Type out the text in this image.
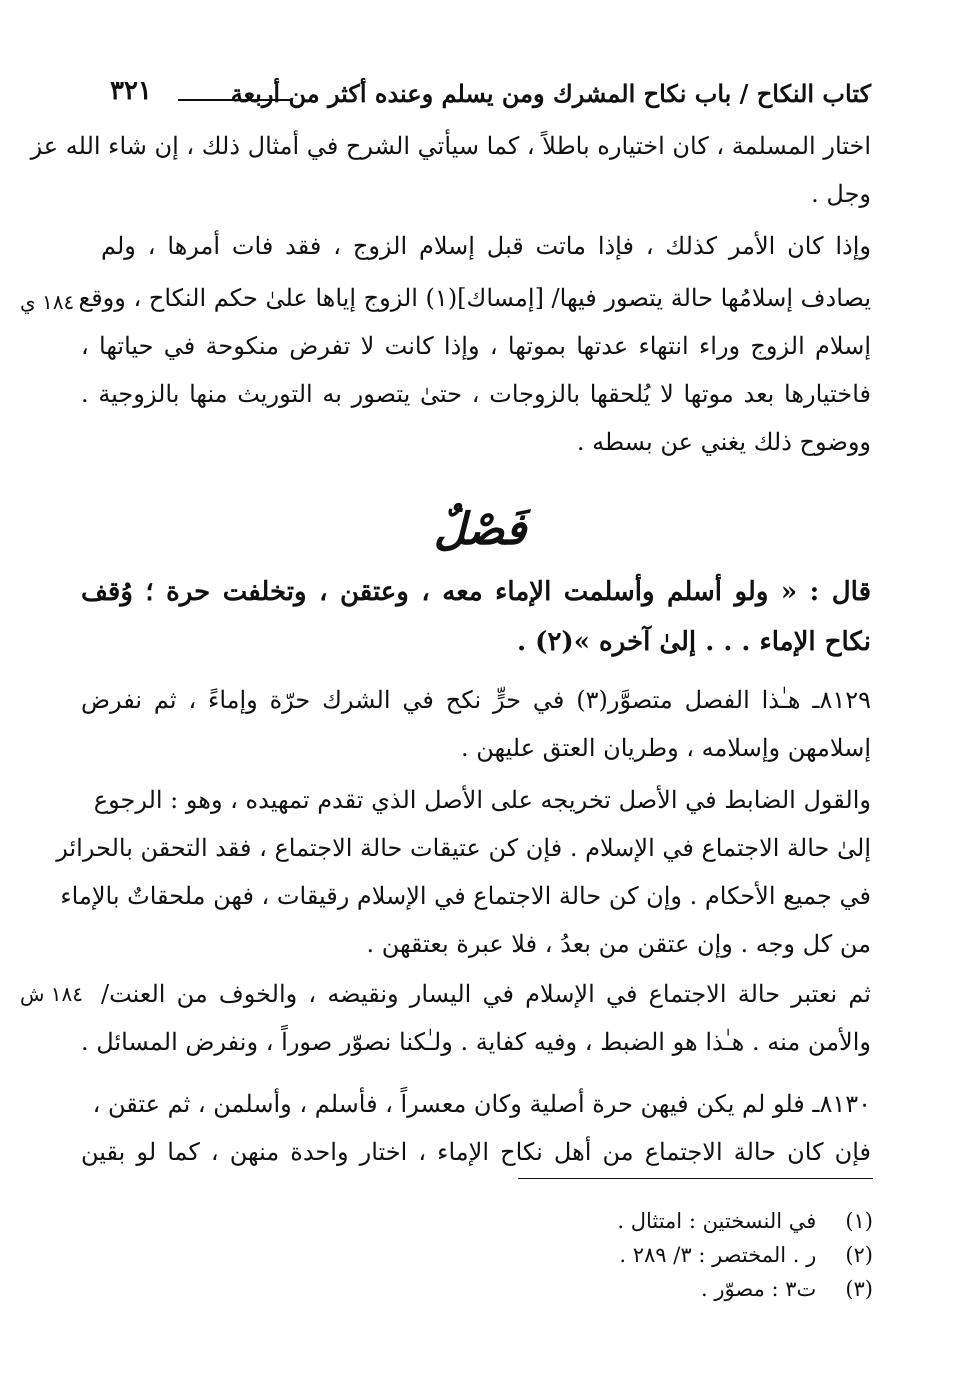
كتاب النكاح / باب نكاح المشرك ومن يسلم وعنده أكثر من أربعة
٣٢١
اختار المسلمة ، كان اختياره باطلاً ، كما سيأتي الشرح في أمثال ذلك ، إن شاء الله عز
وجل .
وإذا كان الأمر كذلك ، فإذا ماتت قبل إسلام الزوج ، فقد فات أمرها ، ولم
يصادف إسلامُها حالة يتصور فيها/ [إمساك](١) الزوج إياها علىٰ حكم النكاح ، ووقع
إسلام الزوج وراء انتهاء عدتها بموتها ، وإذا كانت لا تفرض منكوحة في حياتها ،
فاختيارها بعد موتها لا يُلحقها بالزوجات ، حتىٰ يتصور به التوريث منها بالزوجية .
ووضوح ذلك يغني عن بسطه .
١٨٤ ي
فَصْلٌ
قال : « ولو أسلم وأسلمت الإماء معه ، وعتقن ، وتخلفت حرة ؛ وُقف
نكاح الإماء . . . إلىٰ آخره »(٢) .
٨١٢٩ـ هـٰذا الفصل متصوَّر(٣) في حرٍّ نكح في الشرك حرّة وإماءً ، ثم نفرض
إسلامهن وإسلامه ، وطريان العتق عليهن .
والقول الضابط في الأصل تخريجه على الأصل الذي تقدم تمهيده ، وهو : الرجوع
إلىٰ حالة الاجتماع في الإسلام . فإن كن عتيقات حالة الاجتماع ، فقد التحقن بالحرائر
في جميع الأحكام . وإن كن حالة الاجتماع في الإسلام رقيقات ، فهن ملحقاتٌ بالإماء
من كل وجه . وإن عتقن من بعدُ ، فلا عبرة بعتقهن .
ثم نعتبر حالة الاجتماع في الإسلام في اليسار ونقيضه ، والخوف من العنت/
والأمن منه . هـٰذا هو الضبط ، وفيه كفاية . ولـٰكنا نصوّر صوراً ، ونفرض المسائل .
١٨٤ ش
٨١٣٠ـ فلو لم يكن فيهن حرة أصلية وكان معسراً ، فأسلم ، وأسلمن ، ثم عتقن ،
فإن كان حالة الاجتماع من أهل نكاح الإماء ، اختار واحدة منهن ، كما لو بقين
(١) في النسختين : امتثال .
(٢) ر . المختصر : ٣/ ٢٨٩ .
(٣) ت٣ : مصوّر .
